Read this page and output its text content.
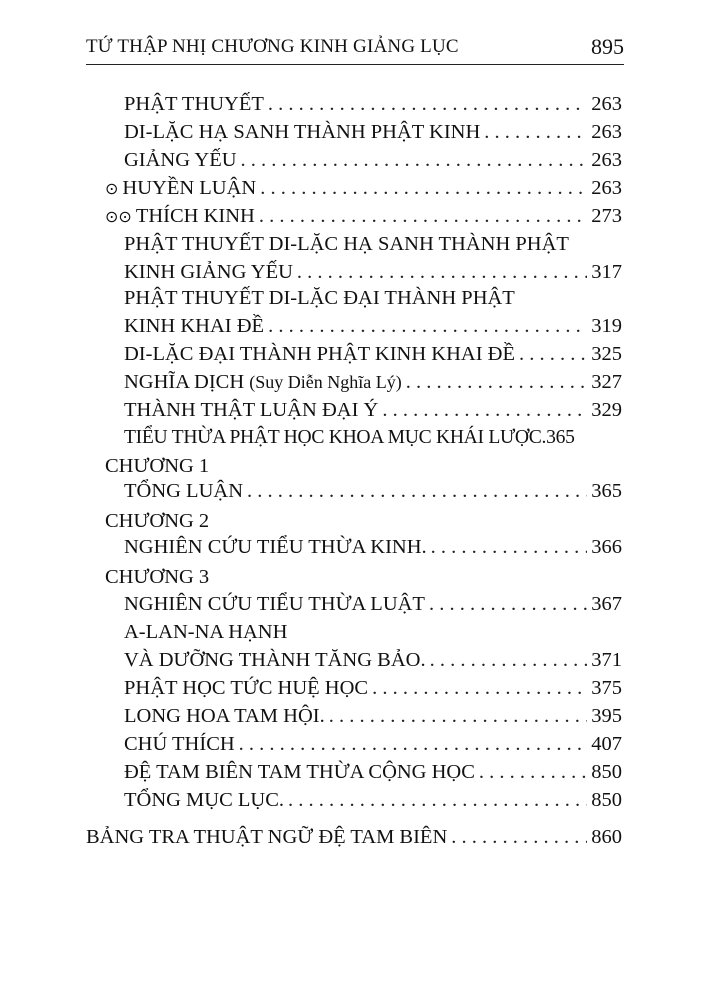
TỨ THẬP NHỊ CHƯƠNG KINH GIẢNG LỤC	895
PHẬT THUYẾT . . .	263
DI-LẶC HẠ SANH THÀNH PHẬT KINH . . .	263
GIẢNG YẾU . . .	263
⊙ HUYỀN LUẬN . . .	263
⊙⊙ THÍCH KINH . . .	273
PHẬT THUYẾT DI-LẶC HẠ SANH THÀNH PHẬT
KINH GIẢNG YẾU . . .	317
PHẬT THUYẾT DI-LẶC ĐẠI THÀNH PHẬT
KINH KHAI ĐỀ . . .	319
DI-LẶC ĐẠI THÀNH PHẬT KINH KHAI ĐỀ . . .	325
NGHĨA DỊCH (Suy Diễn Nghĩa Lý) . . .	327
THÀNH THẬT LUẬN ĐẠI Ý . . .	329
TIỂU THỪA PHẬT HỌC KHOA MỤC KHÁI LƯỢC.365
CHƯƠNG 1
TỔNG LUẬN . . .	365
CHƯƠNG 2
NGHIÊN CỨU TIỂU THỪA KINH. . . .	366
CHƯƠNG 3
NGHIÊN CỨU TIỂU THỪA LUẬT . . .	367
A-LAN-NA HẠNH
VÀ DƯỠNG THÀNH TĂNG BẢO. . . .	371
PHẬT HỌC TỨC HUỆ HỌC . . .	375
LONG HOA TAM HỘI. . . .	395
CHÚ THÍCH . . .	407
ĐỆ TAM BIÊN TAM THỪA CỘNG HỌC . . .	850
TỔNG MỤC LỤC. . . .	850
BẢNG TRA THUẬT NGỮ ĐỆ TAM BIÊN . . .	860
